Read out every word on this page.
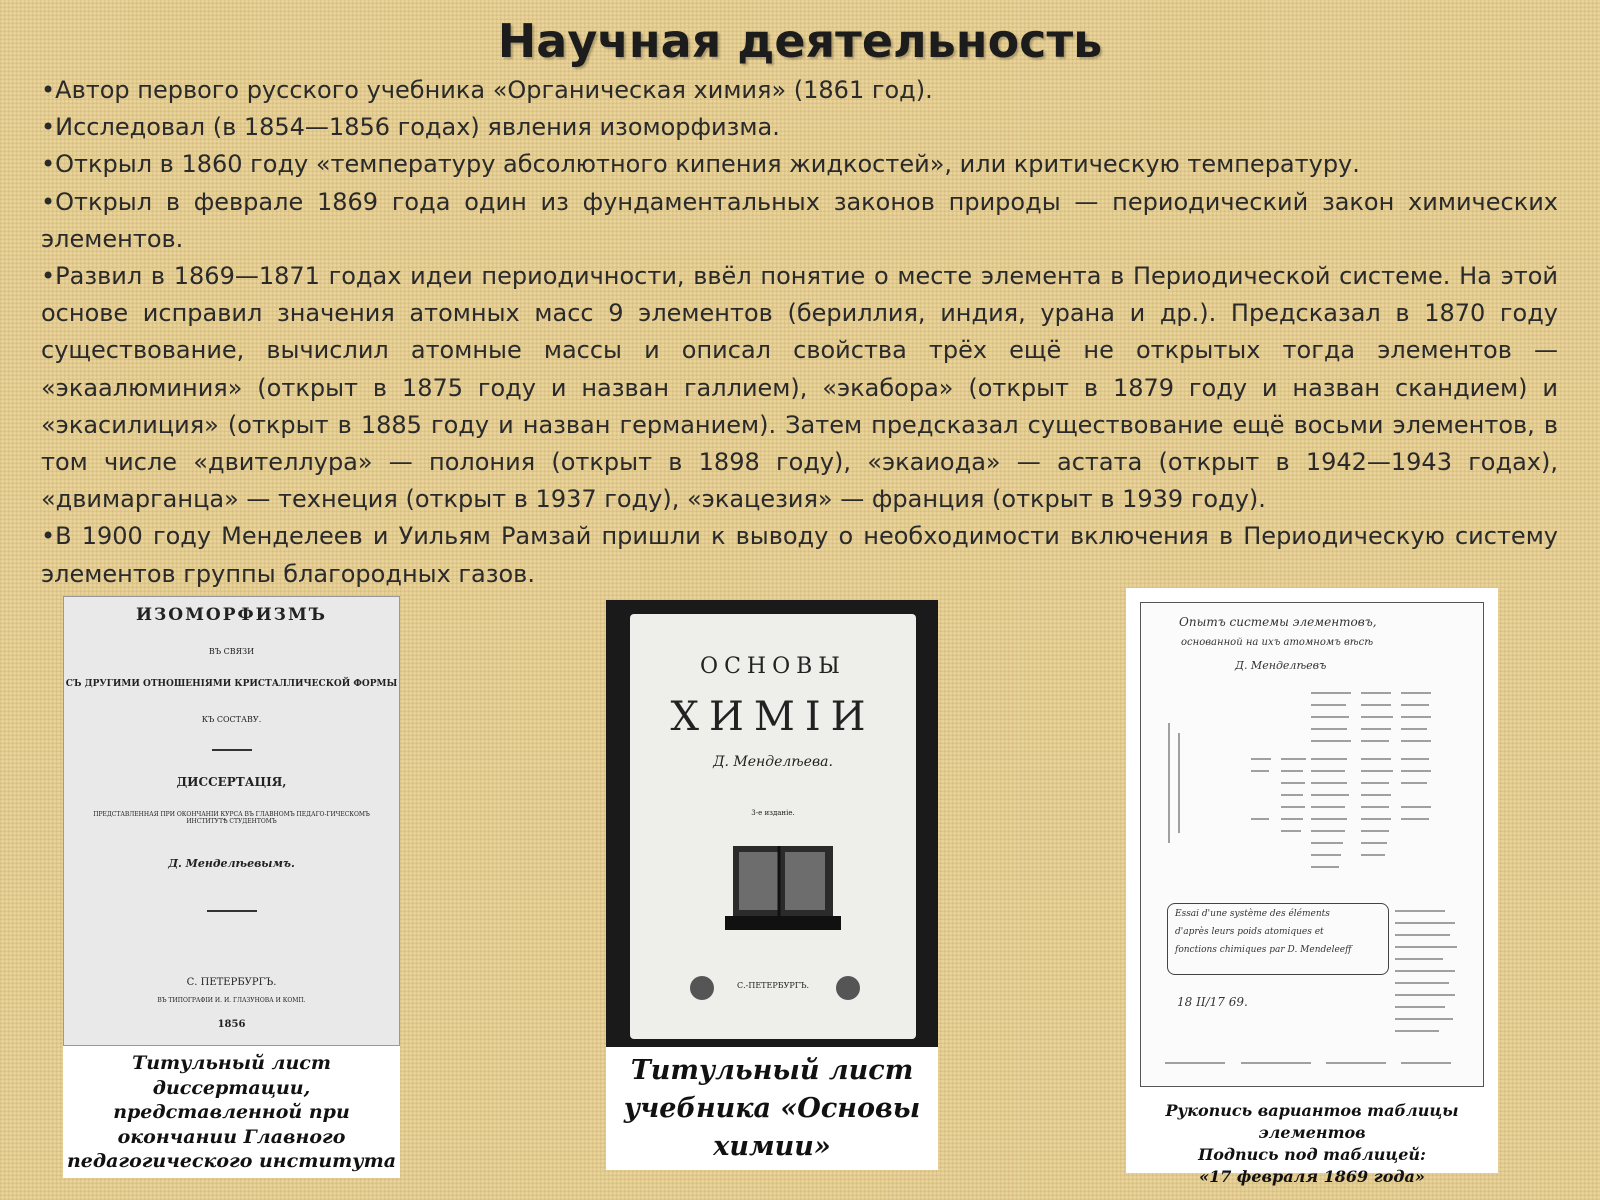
Научная деятельность

•Автор первого русского учебника «Органическая химия» (1861 год).

•Исследовал (в 1854—1856 годах) явления изоморфизма.

•Открыл в 1860 году «температуру абсолютного кипения жидкостей», или критическую температуру.

•Открыл в феврале 1869 года один из фундаментальных законов природы — периодический закон химических элементов.

•Развил в 1869—1871 годах идеи периодичности, ввёл понятие о месте элемента в Периодической системе. На этой основе исправил значения атомных масс 9 элементов (бериллия, индия, урана и др.). Предсказал в 1870 году существование, вычислил атомные массы и описал свойства трёх ещё не открытых тогда элементов — «экаалюминия» (открыт в 1875 году и назван галлием), «экабора» (открыт в 1879 году и назван скандием) и «экасилиция» (открыт в 1885 году и назван германием). Затем предсказал существование ещё восьми элементов, в том числе «двителлура» — полония (открыт в 1898 году), «экаиода» — астата (открыт в 1942—1943 годах), «двимарганца» — технеция (открыт в 1937 году), «экацезия» — франция (открыт в 1939 году).

•В 1900 году Менделеев и Уильям Рамзай пришли к выводу о необходимости включения в Периодическую систему элементов группы благородных газов.

ИЗОМОРФИЗМЪ
ВЪ СВЯЗИ
СЪ ДРУГИМИ ОТНОШЕНІЯМИ КРИСТАЛЛИЧЕСКОЙ ФОРМЫ
КЪ СОСТАВУ.
ДИССЕРТАЦІЯ,
ПРЕДСТАВЛЕННАЯ ПРИ ОКОНЧАНІИ КУРСА ВЪ ГЛАВНОМЪ ПЕДАГО-ГИЧЕСКОМЪ ИНСТИТУТѢ СТУДЕНТОМЪ
Д. Менделѣевымъ.
С. ПЕТЕРБУРГЪ.
ВЪ ТИПОГРАФІИ И. И. ГЛАЗУНОВА И КОМП.
1856
Титульный лист диссертации, представленной при окончании Главного педагогического института
ОСНОВЫ
ХИМІИ
Д. Менделѣева.
3-е изданіе.
С.-ПЕТЕРБУРГЪ.
Титульный лист учебника «Основы химии»
Опытъ системы элементовъ,
основанной на ихъ атомномъ вѣсѣ
Д. Менделѣевъ
Essai d'une système des éléments
d'après leurs poids atomiques et
fonctions chimiques par D. Mendeleeff
18 II/17 69.
Рукопись вариантов таблицы элементов
Подпись под таблицей:
«17 февраля 1869 года»
